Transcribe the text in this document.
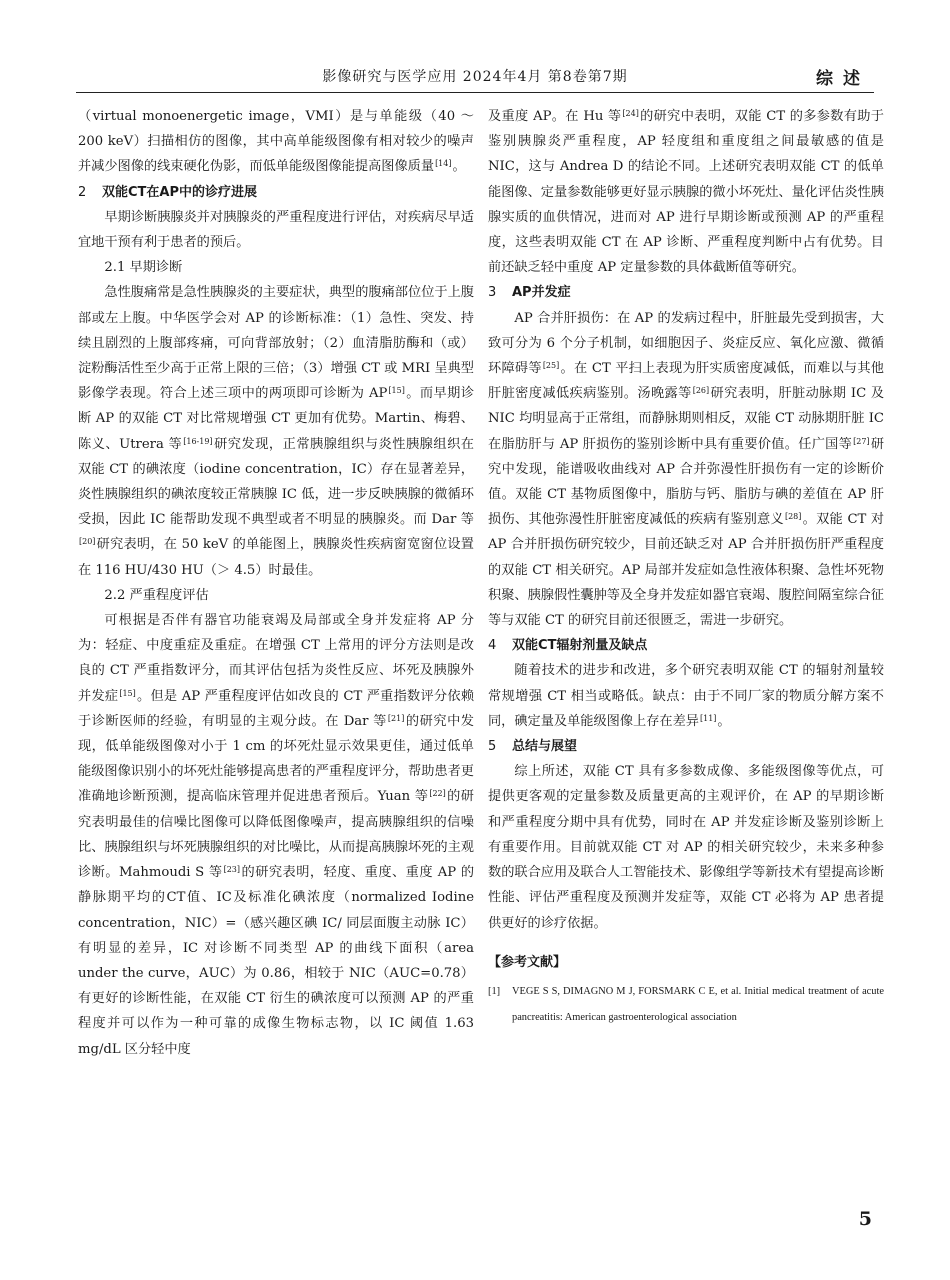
影像研究与医学应用 2024年4月 第8卷第7期	综述

（virtual monoenergetic image，VMI）是与单能级（40 ～ 200 keV）扫描相仿的图像，其中高单能级图像有相对较少的噪声并减少图像的线束硬化伪影，而低单能级图像能提高图像质量[14]。

2 双能CT在AP中的诊疗进展

早期诊断胰腺炎并对胰腺炎的严重程度进行评估，对疾病尽早适宜地干预有利于患者的预后。

2.1 早期诊断

急性腹痛常是急性胰腺炎的主要症状，典型的腹痛部位位于上腹部或左上腹。中华医学会对 AP 的诊断标准：（1）急性、突发、持续且剧烈的上腹部疼痛，可向背部放射；（2）血清脂肪酶和（或）淀粉酶活性至少高于正常上限的三倍；（3）增强 CT 或 MRI 呈典型影像学表现。符合上述三项中的两项即可诊断为 AP[15]。而早期诊断 AP 的双能 CT 对比常规增强 CT 更加有优势。Martin、梅碧、陈义、Utrera 等[16-19]研究发现，正常胰腺组织与炎性胰腺组织在双能 CT 的碘浓度（iodine concentration，IC）存在显著差异，炎性胰腺组织的碘浓度较正常胰腺 IC 低，进一步反映胰腺的微循环受损，因此 IC 能帮助发现不典型或者不明显的胰腺炎。而 Dar 等[20]研究表明，在 50 keV 的单能图上，胰腺炎性疾病窗宽窗位设置在 116 HU/430 HU（＞ 4.5）时最佳。

2.2 严重程度评估

可根据是否伴有器官功能衰竭及局部或全身并发症将 AP 分为：轻症、中度重症及重症。在增强 CT 上常用的评分方法则是改良的 CT 严重指数评分，而其评估包括为炎性反应、坏死及胰腺外并发症[15]。但是 AP 严重程度评估如改良的 CT 严重指数评分依赖于诊断医师的经验，有明显的主观分歧。在 Dar 等[21]的研究中发现，低单能级图像对小于 1 cm 的坏死灶显示效果更佳，通过低单能级图像识别小的坏死灶能够提高患者的严重程度评分，帮助患者更准确地诊断预测，提高临床管理并促进患者预后。Yuan 等[22]的研究表明最佳的信噪比图像可以降低图像噪声，提高胰腺组织的信噪比、胰腺组织与坏死胰腺组织的对比噪比，从而提高胰腺坏死的主观诊断。Mahmoudi S 等[23]的研究表明，轻度、重度、重度 AP 的静脉期平均的CT值、IC及标准化碘浓度（normalized Iodine concentration，NIC）=（感兴趣区碘 IC/ 同层面腹主动脉 IC）有明显的差异，IC 对诊断不同类型 AP 的曲线下面积（area under the curve，AUC）为 0.86，相较于 NIC（AUC=0.78）有更好的诊断性能，在双能 CT 衍生的碘浓度可以预测 AP 的严重程度并可以作为一种可靠的成像生物标志物，以 IC 阈值 1.63 mg/dL 区分轻中度

及重度 AP。在 Hu 等[24]的研究中表明，双能 CT 的多参数有助于鉴别胰腺炎严重程度，AP 轻度组和重度组之间最敏感的值是 NIC，这与 Andrea D 的结论不同。上述研究表明双能 CT 的低单能图像、定量参数能够更好显示胰腺的微小坏死灶、量化评估炎性胰腺实质的血供情况，进而对 AP 进行早期诊断或预测 AP 的严重程度，这些表明双能 CT 在 AP 诊断、严重程度判断中占有优势。目前还缺乏轻中重度 AP 定量参数的具体截断值等研究。

3 AP并发症

AP 合并肝损伤：在 AP 的发病过程中，肝脏最先受到损害，大致可分为 6 个分子机制，如细胞因子、炎症反应、氧化应激、微循环障碍等[25]。在 CT 平扫上表现为肝实质密度减低，而难以与其他肝脏密度减低疾病鉴别。汤晚露等[26]研究表明，肝脏动脉期 IC 及 NIC 均明显高于正常组，而静脉期则相反，双能 CT 动脉期肝脏 IC 在脂肪肝与 AP 肝损伤的鉴别诊断中具有重要价值。任广国等[27]研究中发现，能谱吸收曲线对 AP 合并弥漫性肝损伤有一定的诊断价值。双能 CT 基物质图像中，脂肪与钙、脂肪与碘的差值在 AP 肝损伤、其他弥漫性肝脏密度减低的疾病有鉴别意义[28]。双能 CT 对 AP 合并肝损伤研究较少，目前还缺乏对 AP 合并肝损伤肝严重程度的双能 CT 相关研究。AP 局部并发症如急性液体积聚、急性坏死物积聚、胰腺假性囊肿等及全身并发症如器官衰竭、腹腔间隔室综合征等与双能 CT 的研究目前还很匮乏，需进一步研究。

4 双能CT辐射剂量及缺点

随着技术的进步和改进，多个研究表明双能 CT 的辐射剂量较常规增强 CT 相当或略低。缺点：由于不同厂家的物质分解方案不同，碘定量及单能级图像上存在差异[11]。

5 总结与展望

综上所述，双能 CT 具有多参数成像、多能级图像等优点，可提供更客观的定量参数及质量更高的主观评价，在 AP 的早期诊断和严重程度分期中具有优势，同时在 AP 并发症诊断及鉴别诊断上有重要作用。目前就双能 CT 对 AP 的相关研究较少，未来多种参数的联合应用及联合人工智能技术、影像组学等新技术有望提高诊断性能、评估严重程度及预测并发症等，双能 CT 必将为 AP 患者提供更好的诊疗依据。

【参考文献】
[1]	VEGE S S, DIMAGNO M J, FORSMARK C E, et al. Initial medical treatment of acute pancreatitis: American gastroenterological association
5
